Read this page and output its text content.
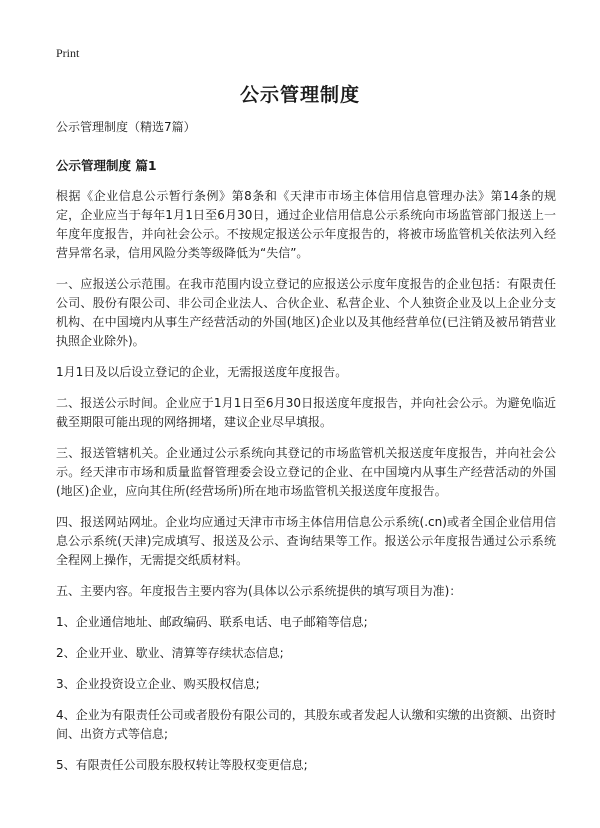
Print
公示管理制度

公示管理制度（精选7篇）

公示管理制度 篇1

根据《企业信息公示暂行条例》第8条和《天津市市场主体信用信息管理办法》第14条的规定，企业应当于每年1月1日至6月30日，通过企业信用信息公示系统向市场监管部门报送上一年度年度报告，并向社会公示。不按规定报送公示年度报告的，将被市场监管机关依法列入经营异常名录，信用风险分类等级降低为“失信”。

一、应报送公示范围。在我市范围内设立登记的应报送公示度年度报告的企业包括：有限责任公司、股份有限公司、非公司企业法人、合伙企业、私营企业、个人独资企业及以上企业分支机构、在中国境内从事生产经营活动的外国(地区)企业以及其他经营单位(已注销及被吊销营业执照企业除外)。

1月1日及以后设立登记的企业，无需报送度年度报告。

二、报送公示时间。企业应于1月1日至6月30日报送度年度报告，并向社会公示。为避免临近截至期限可能出现的网络拥堵，建议企业尽早填报。

三、报送管辖机关。企业通过公示系统向其登记的市场监管机关报送度年度报告，并向社会公示。经天津市市场和质量监督管理委会设立登记的企业、在中国境内从事生产经营活动的外国(地区)企业，应向其住所(经营场所)所在地市场监管机关报送度年度报告。

四、报送网站网址。企业均应通过天津市市场主体信用信息公示系统(.cn)或者全国企业信用信息公示系统(天津)完成填写、报送及公示、查询结果等工作。报送公示年度报告通过公示系统全程网上操作，无需提交纸质材料。

五、主要内容。年度报告主要内容为(具体以公示系统提供的填写项目为准)：

1、企业通信地址、邮政编码、联系电话、电子邮箱等信息;

2、企业开业、歇业、清算等存续状态信息;

3、企业投资设立企业、购买股权信息;

4、企业为有限责任公司或者股份有限公司的，其股东或者发起人认缴和实缴的出资额、出资时间、出资方式等信息;

5、有限责任公司股东股权转让等股权变更信息;
